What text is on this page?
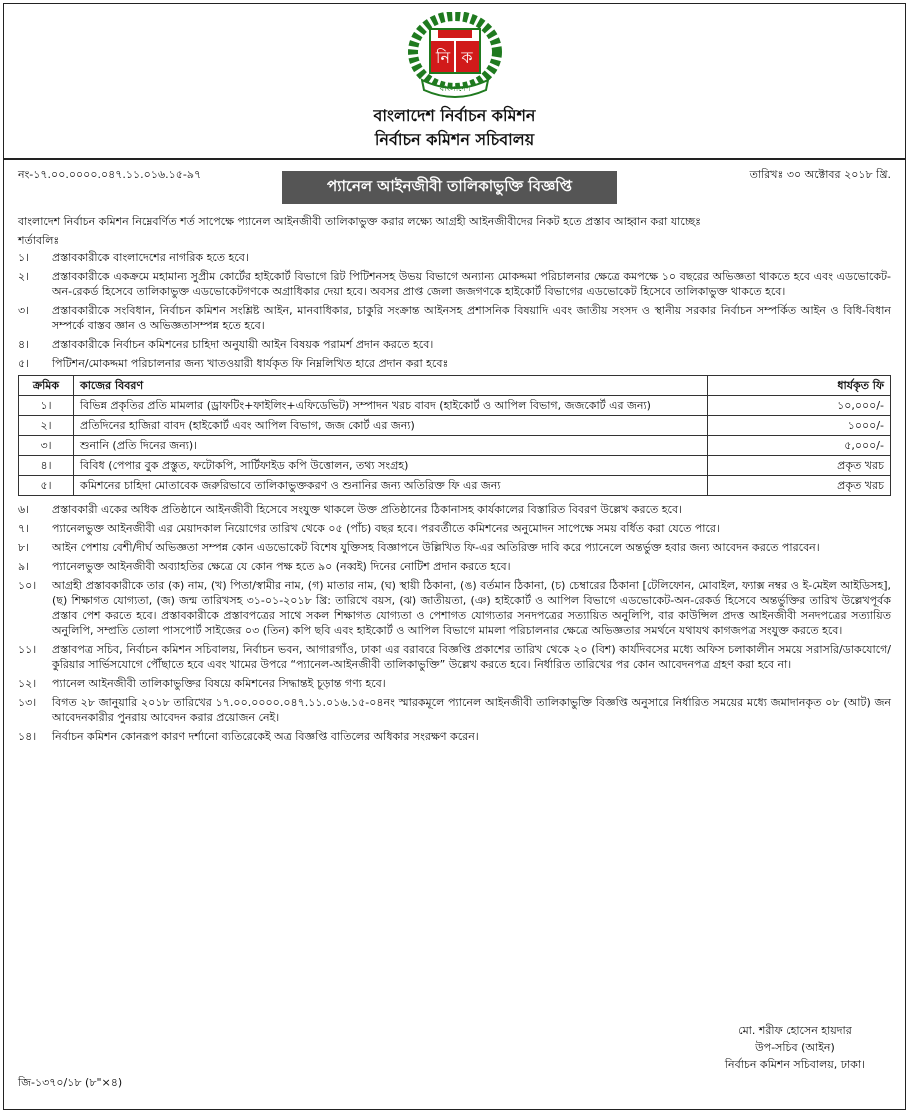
নি ক
বাংলাদেশ
বাংলাদেশ নির্বাচন কমিশন
নির্বাচন কমিশন সচিবালয়
নং-১৭.০০.০০০০.০৪৭.১১.০১৬.১৫-৯৭
প্যানেল আইনজীবী তালিকাভুক্তি বিজ্ঞপ্তি
তারিখঃ ৩০ অক্টোবর ২০১৮ খ্রি.
বাংলাদেশ নির্বাচন কমিশন নিম্নেবর্ণিত শর্ত সাপেক্ষে প্যানেল আইনজীবী তালিকাভুক্ত করার লক্ষ্যে আগ্রহী আইনজীবীদের নিকট হতে প্রস্তাব আহ্বান করা যাচ্ছেঃ
শর্তাবলিঃ
১।	প্রস্তাবকারীকে বাংলাদেশের নাগরিক হতে হবে।
২।	প্রস্তাবকারীকে একক্রমে মহামান্য সুপ্রীম কোর্টের হাইকোর্ট বিভাগে রিট পিটিশনসহ উভয় বিভাগে অন্যান্য মোকদ্দমা পরিচালনার ক্ষেত্রে কমপক্ষে ১০ বছরের অভিজ্ঞতা থাকতে হবে এবং এডভোকেট-অন-রেকর্ড হিসেবে তালিকাভুক্ত এডভোকেটগণকে অগ্রাধিকার দেয়া হবে। অবসর প্রাপ্ত জেলা জজগণকে হাইকোর্ট বিভাগের এডভোকেট হিসেবে তালিকাভুক্ত থাকতে হবে।
৩।	প্রস্তাবকারীকে সংবিধান, নির্বাচন কমিশন সংশ্লিষ্ট আইন, মানবাধিকার, চাকুরি সংক্রান্ত আইনসহ প্রশাসনিক বিষয়াদি এবং জাতীয় সংসদ ও স্থানীয় সরকার নির্বাচন সম্পর্কিত আইন ও বিধি-বিধান সম্পর্কে বাস্তব জ্ঞান ও অভিজ্ঞতাসম্পন্ন হতে হবে।
৪।	প্রস্তাবকারীকে নির্বাচন কমিশনের চাহিদা অনুযায়ী আইন বিষয়ক পরামর্শ প্রদান করতে হবে।
৫।	পিটিশন/মোকদ্দমা পরিচালনার জন্য খাতওয়ারী ধার্যকৃত ফি নিম্নলিখিত হারে প্রদান করা হবেঃ
ক্রমিক	কাজের বিবরণ	ধার্যকৃত ফি
১।	বিভিন্ন প্রকৃতির প্রতি মামলার (ড্রাফটিং+ফাইলিং+এফিডেভিট) সম্পাদন খরচ বাবদ (হাইকোর্ট ও আপিল বিভাগ, জজকোর্ট এর জন্য)	১০,০০০/-
২।	প্রতিদিনের হাজিরা বাবদ (হাইকোর্ট এবং আপিল বিভাগ, জজ কোর্ট এর জন্য)	১০০০/-
৩।	শুনানি (প্রতি দিনের জন্য)।	৫,০০০/-
৪।	বিবিধ (পেপার বুক প্রস্তুত, ফটোকপি, সার্টিফাইড কপি উত্তোলন, তথ্য সংগ্রহ)	প্রকৃত খরচ
৫।	কমিশনের চাহিদা মোতাবেক জরুরিভাবে তালিকাভুক্তকরণ ও শুনানির জন্য অতিরিক্ত ফি এর জন্য	প্রকৃত খরচ
৬।	প্রস্তাবকারী একের অধিক প্রতিষ্ঠানে আইনজীবী হিসেবে সংযুক্ত থাকলে উক্ত প্রতিষ্ঠানের ঠিকানাসহ কার্যকালের বিস্তারিত বিবরণ উল্লেখ করতে হবে।
৭।	প্যানেলভুক্ত আইনজীবী এর মেয়াদকাল নিয়োগের তারিখ থেকে ০৫ (পাঁচ) বছর হবে। পরবর্তীতে কমিশনের অনুমোদন সাপেক্ষে সময় বর্ধিত করা যেতে পারে।
৮।	আইন পেশায় বেশী/দীর্ঘ অভিজ্ঞতা সম্পন্ন কোন এডভোকেট বিশেষ যুক্তিসহ বিজ্ঞাপনে উল্লিখিত ফি-এর অতিরিক্ত দাবি করে প্যানেলে অন্তর্ভুক্ত হবার জন্য আবেদন করতে পারবেন।
৯।	প্যানেলভুক্ত আইনজীবী অব্যাহতির ক্ষেত্রে যে কোন পক্ষ হতে ৯০ (নব্বই) দিনের নোটিশ প্রদান করতে হবে।
১০।	আগ্রহী প্রস্তাবকারীকে তার (ক) নাম, (খ) পিতা/স্বামীর নাম, (গ) মাতার নাম, (ঘ) স্থায়ী ঠিকানা, (ঙ) বর্তমান ঠিকানা, (চ) চেম্বারের ঠিকানা [টেলিফোন, মোবাইল, ফ্যাক্স নম্বর ও ই-মেইল আইডিসহ], (ছ) শিক্ষাগত যোগ্যতা, (জ) জন্ম তারিখসহ ৩১-০১-২০১৮ খ্রি: তারিখে বয়স, (ঝ) জাতীয়তা, (ঞ) হাইকোর্ট ও আপিল বিভাগে এডভোকেট-অন-রেকর্ড হিসেবে অন্তর্ভুক্তির তারিখ উল্লেখপূর্বক প্রস্তাব পেশ করতে হবে। প্রস্তাবকারীকে প্রস্তাবপত্রের সাথে সকল শিক্ষাগত যোগ্যতা ও পেশাগত যোগ্যতার সনদপত্রের সত্যায়িত অনুলিপি, বার কাউন্সিল প্রদত্ত আইনজীবী সনদপত্রের সত্যায়িত অনুলিপি, সম্প্রতি তোলা পাসপোর্ট সাইজের ০৩ (তিন) কপি ছবি এবং হাইকোর্ট ও আপিল বিভাগে মামলা পরিচালনার ক্ষেত্রে অভিজ্ঞতার সমর্থনে যথাযথ কাগজপত্র সংযুক্ত করতে হবে।
১১।	প্রস্তাবপত্র সচিব, নির্বাচন কমিশন সচিবালয়, নির্বাচন ভবন, আগারগাঁও, ঢাকা এর বরাবরে বিজ্ঞপ্তি প্রকাশের তারিখ থেকে ২০ (বিশ) কার্যদিবসের মধ্যে অফিস চলাকালীন সময়ে সরাসরি/ডাকযোগে/কুরিয়ার সার্ভিসযোগে পৌঁছাতে হবে এবং খামের উপরে “প্যানেল-আইনজীবী তালিকাভুক্তি” উল্লেখ করতে হবে। নির্ধারিত তারিখের পর কোন আবেদনপত্র গ্রহণ করা হবে না।
১২।	প্যানেল আইনজীবী তালিকাভুক্তির বিষয়ে কমিশনের সিদ্ধান্তই চূড়ান্ত গণ্য হবে।
১৩।	বিগত ২৮ জানুয়ারি ২০১৮ তারিখের ১৭.০০.০০০০.০৪৭.১১.০১৬.১৫-০৪নং স্মারকমূলে প্যানেল আইনজীবী তালিকাভুক্তি বিজ্ঞপ্তি অনুসারে নির্ধারিত সময়ের মধ্যে জমাদানকৃত ০৮ (আট) জন আবেদনকারীর পুনরায় আবেদন করার প্রয়োজন নেই।
১৪।	নির্বাচন কমিশন কোনরূপ কারণ দর্শানো ব্যতিরেকেই অত্র বিজ্ঞপ্তি বাতিলের অধিকার সংরক্ষণ করেন।
মো. শরীফ হোসেন হায়দার
উপ-সচিব (আইন)
নির্বাচন কমিশন সচিবালয়, ঢাকা।
জি-১৩৭০/১৮ (৮"×৪)
